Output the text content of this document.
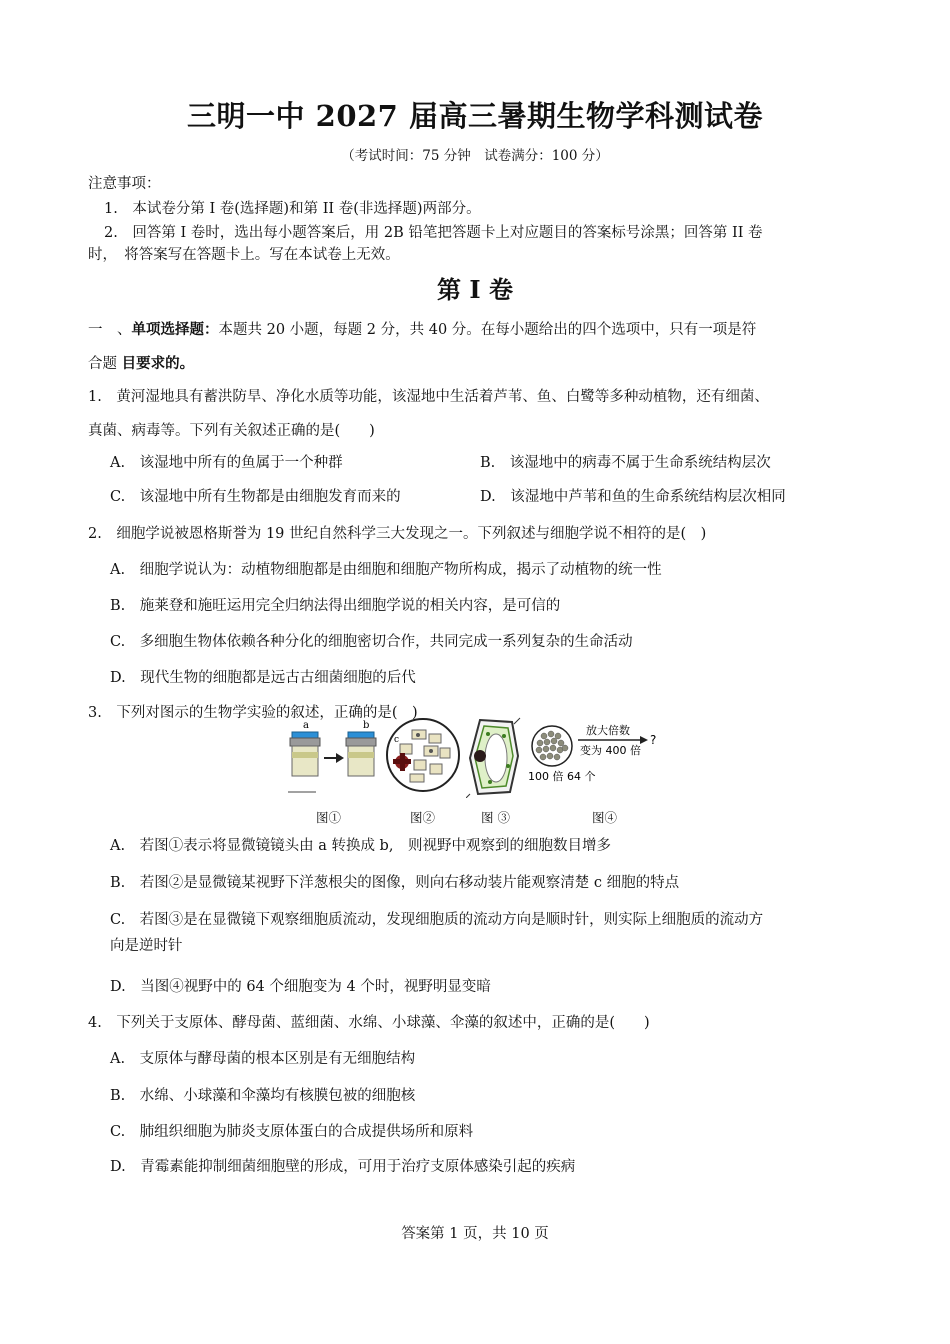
三明一中 2027 届高三暑期生物学科测试卷
（考试时间：75 分钟　试卷满分：100 分）
注意事项：
1.　本试卷分第 I 卷(选择题)和第 II 卷(非选择题)两部分。
2.　回答第 I 卷时，选出每小题答案后，用 2B 铅笔把答题卡上对应题目的答案标号涂黑；回答第 II 卷
时，　将答案写在答题卡上。写在本试卷上无效。
第 I 卷
一　、单项选择题：本题共 20 小题，每题 2 分，共 40 分。在每小题给出的四个选项中，只有一项是符
合题 目要求的。
1.　黄河湿地具有蓄洪防旱、净化水质等功能，该湿地中生活着芦苇、鱼、白鹭等多种动植物，还有细菌、
真菌、病毒等。下列有关叙述正确的是(　　)
A.　该湿地中所有的鱼属于一个种群	B.　该湿地中的病毒不属于生命系统结构层次
C.　该湿地中所有生物都是由细胞发育而来的	D.　该湿地中芦苇和鱼的生命系统结构层次相同
2.　细胞学说被恩格斯誉为 19 世纪自然科学三大发现之一。下列叙述与细胞学说不相符的是(　)
A.　细胞学说认为：动植物细胞都是由细胞和细胞产物所构成，揭示了动植物的统一性
B.　施莱登和施旺运用完全归纳法得出细胞学说的相关内容，是可信的
C.　多细胞生物体依赖各种分化的细胞密切合作，共同完成一系列复杂的生命活动
D.　现代生物的细胞都是远古古细菌细胞的后代
3.　下列对图示的生物学实验的叙述，正确的是(　)
a	b
c
放大倍数
?
变为 400 倍
100 倍 64 个
图①	图②	图 ③	图④
A.　若图①表示将显微镜镜头由 a 转换成 b,　则视野中观察到的细胞数目增多
B.　若图②是显微镜某视野下洋葱根尖的图像，则向右移动装片能观察清楚 c 细胞的特点
C.　若图③是在显微镜下观察细胞质流动，发现细胞质的流动方向是顺时针，则实际上细胞质的流动方
向是逆时针
D.　当图④视野中的 64 个细胞变为 4 个时，视野明显变暗
4.　下列关于支原体、酵母菌、蓝细菌、水绵、小球藻、伞藻的叙述中，正确的是(　　)
A.　支原体与酵母菌的根本区别是有无细胞结构
B.　水绵、小球藻和伞藻均有核膜包被的细胞核
C.　肺组织细胞为肺炎支原体蛋白的合成提供场所和原料
D.　青霉素能抑制细菌细胞壁的形成，可用于治疗支原体感染引起的疾病
答案第 1 页，共 10 页
